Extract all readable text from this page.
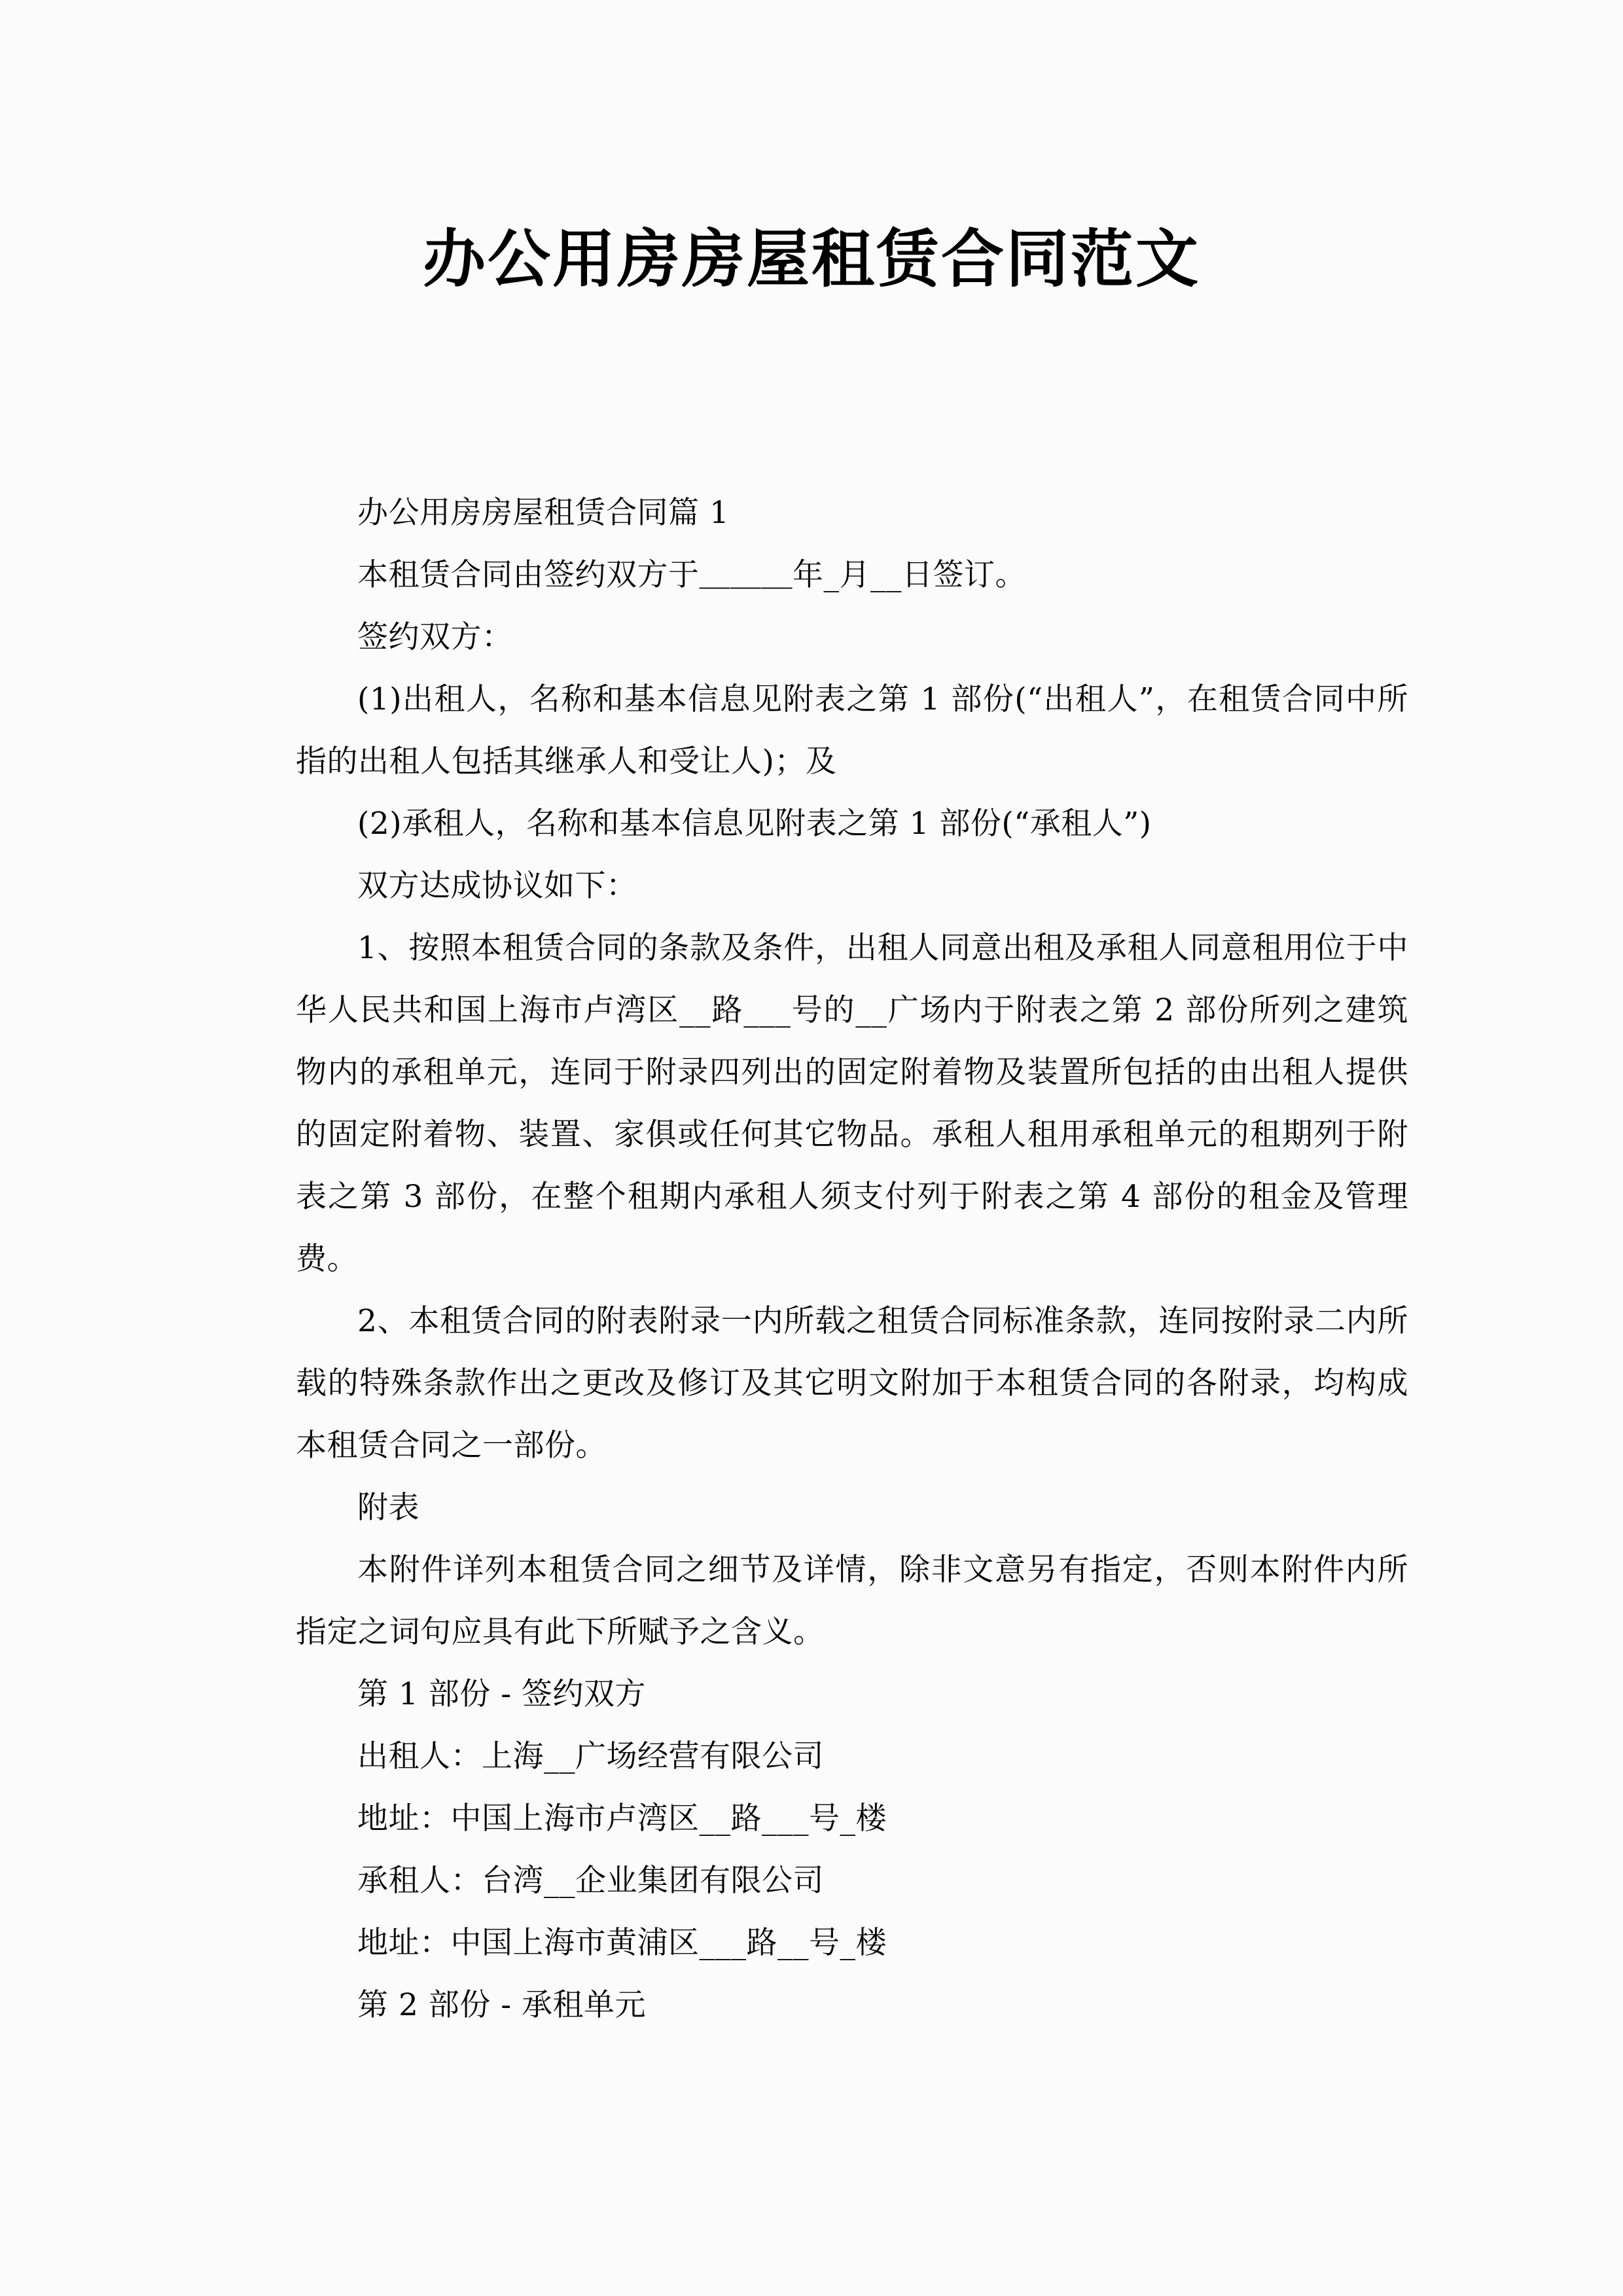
办公用房房屋租赁合同范文

办公用房房屋租赁合同篇 1

本租赁合同由签约双方于＿＿＿年_月__日签订。

签约双方：

(1)出租人，名称和基本信息见附表之第 1 部份(“出租人”，在租赁合同中所指的出租人包括其继承人和受让人)；及

(2)承租人，名称和基本信息见附表之第 1 部份(“承租人”)

双方达成协议如下：

1、按照本租赁合同的条款及条件，出租人同意出租及承租人同意租用位于中华人民共和国上海市卢湾区__路___号的__广场内于附表之第 2 部份所列之建筑物内的承租单元，连同于附录四列出的固定附着物及装置所包括的由出租人提供的固定附着物、装置、家俱或任何其它物品。承租人租用承租单元的租期列于附表之第 3 部份，在整个租期内承租人须支付列于附表之第 4 部份的租金及管理费。

2、本租赁合同的附表附录一内所载之租赁合同标准条款，连同按附录二内所载的特殊条款作出之更改及修订及其它明文附加于本租赁合同的各附录，均构成本租赁合同之一部份。

附表

本附件详列本租赁合同之细节及详情，除非文意另有指定，否则本附件内所指定之词句应具有此下所赋予之含义。

第 1 部份 - 签约双方

出租人：上海__广场经营有限公司

地址：中国上海市卢湾区__路___号_楼

承租人：台湾__企业集团有限公司

地址：中国上海市黄浦区___路__号_楼

第 2 部份 - 承租单元
